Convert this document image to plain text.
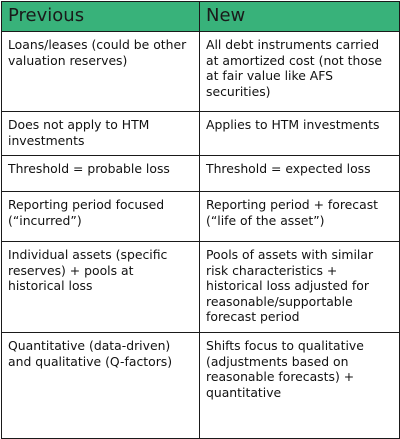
Previous	New
Loans/leases (could be other valuation reserves)	All debt instruments carried at amortized cost (not those at fair value like AFS securities)
Does not apply to HTM investments	Applies to HTM investments
Threshold = probable loss	Threshold = expected loss
Reporting period focused (“incurred”)	Reporting period + forecast (“life of the asset”)
Individual assets (specific reserves) + pools at historical loss	Pools of assets with similar risk characteristics + historical loss adjusted for reasonable/supportable forecast period
Quantitative (data-driven) and qualitative (Q-factors)	Shifts focus to qualitative (adjustments based on reasonable forecasts) + quantitative
